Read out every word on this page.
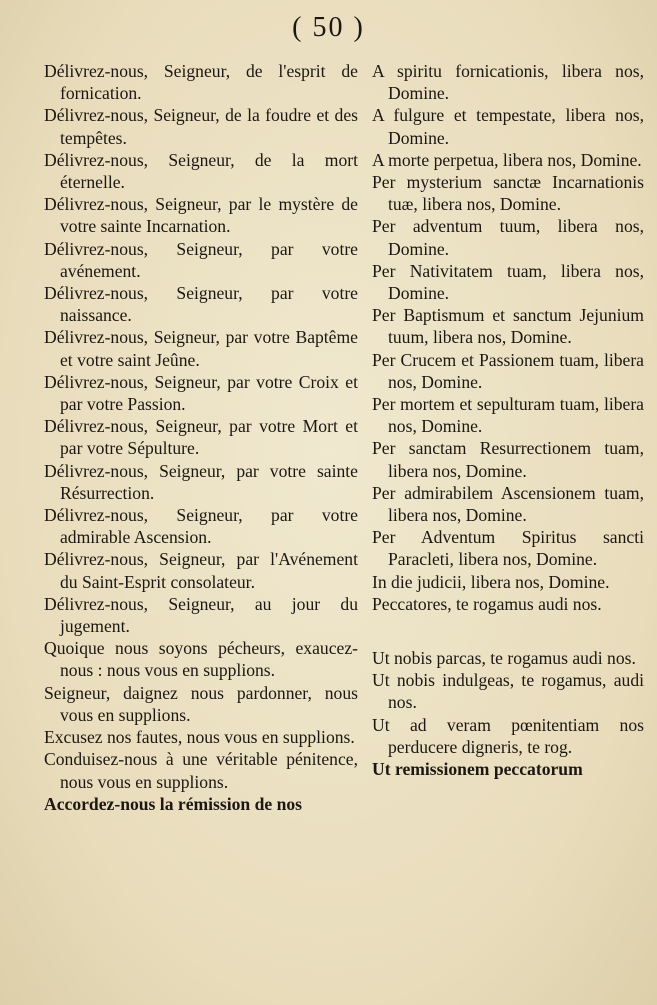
( 50 )
Délivrez-nous, Seigneur, de l'esprit de fornication.
Délivrez-nous, Seigneur, de la foudre et des tempêtes.
Délivrez-nous, Seigneur, de la mort éternelle.
Délivrez-nous, Seigneur, par le mystère de votre sainte Incarnation.
Délivrez-nous, Seigneur, par votre avénement.
Délivrez-nous, Seigneur, par votre naissance.
Délivrez-nous, Seigneur, par votre Baptême et votre saint Jeûne.
Délivrez-nous, Seigneur, par votre Croix et par votre Passion.
Délivrez-nous, Seigneur, par votre Mort et par votre Sépulture.
Délivrez-nous, Seigneur, par votre sainte Résurrection.
Délivrez-nous, Seigneur, par votre admirable Ascension.
Délivrez-nous, Seigneur, par l'Avénement du Saint-Esprit consolateur.
Délivrez-nous, Seigneur, au jour du jugement.
Quoique nous soyons pécheurs, exaucez-nous : nous vous en supplions.
Seigneur, daignez nous pardonner, nous vous en supplions.
Excusez nos fautes, nous vous en supplions.
Conduisez-nous à une véritable pénitence, nous vous en supplions.
Accordez-nous la rémission de nos
A spiritu fornicationis, libera nos, Domine.
A fulgure et tempestate, libera nos, Domine.
A morte perpetua, libera nos, Domine.
Per mysterium sanctæ Incarnationis tuæ, libera nos, Domine.
Per adventum tuum, libera nos, Domine.
Per Nativitatem tuam, libera nos, Domine.
Per Baptismum et sanctum Jejunium tuum, libera nos, Domine.
Per Crucem et Passionem tuam, libera nos, Domine.
Per mortem et sepulturam tuam, libera nos, Domine.
Per sanctam Resurrectionem tuam, libera nos, Domine.
Per admirabilem Ascensionem tuam, libera nos, Domine.
Per Adventum Spiritus sancti Paracleti, libera nos, Domine.
In die judicii, libera nos, Domine.
Peccatores, te rogamus audi nos.
Ut nobis parcas, te rogamus audi nos.
Ut nobis indulgeas, te rogamus, audi nos.
Ut ad veram pœnitentiam nos perducere digneris, te rog.
Ut remissionem peccatorum
